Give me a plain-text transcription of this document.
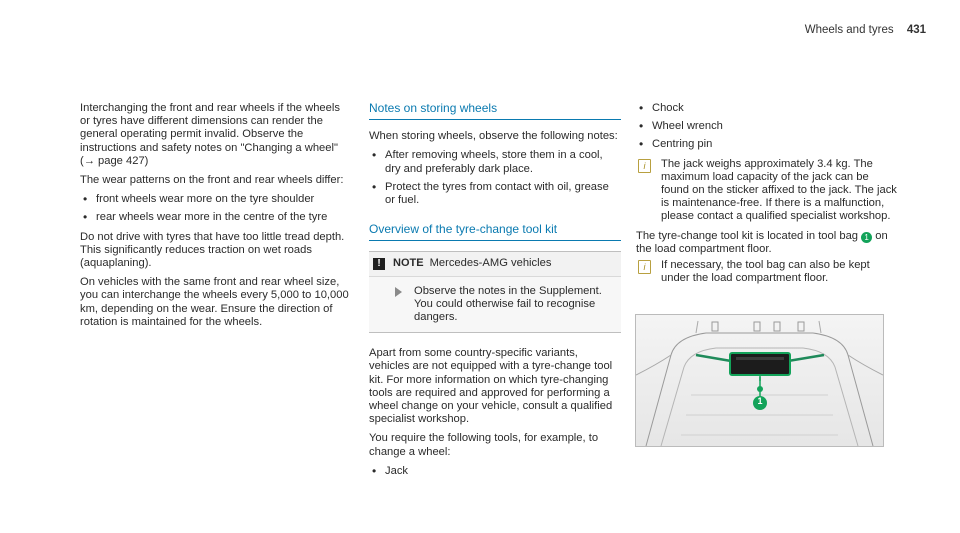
Wheels and tyres 431

Interchanging the front and rear wheels if the wheels or tyres have different dimensions can render the general operating permit invalid. Observe the instructions and safety notes on "Changing a wheel" (→ page 427)

The wear patterns on the front and rear wheels differ:

• front wheels wear more on the tyre shoulder
• rear wheels wear more in the centre of the tyre

Do not drive with tyres that have too little tread depth. This significantly reduces traction on wet roads (aquaplaning).

On vehicles with the same front and rear wheel size, you can interchange the wheels every 5,000 to 10,000 km, depending on the wear. Ensure the direction of rotation is maintained for the wheels.

Notes on storing wheels

When storing wheels, observe the following notes:

• After removing wheels, store them in a cool, dry and preferably dark place.
• Protect the tyres from contact with oil, grease or fuel.
Overview of the tyre-change tool kit
!	NOTE Mercedes-AMG vehicles
Observe the notes in the Supplement. You could otherwise fail to recognise dangers.

Apart from some country-specific variants, vehicles are not equipped with a tyre-change tool kit. For more information on which tyre-changing tools are required and approved for performing a wheel change on your vehicle, consult a qualified specialist workshop.

You require the following tools, for example, to change a wheel:

• Jack
• Chock
• Wheel wrench
• Centring pin
i	The jack weighs approximately 3.4 kg. The maximum load capacity of the jack can be found on the sticker affixed to the jack. The jack is maintenance-free. If there is a malfunction, please contact a qualified specialist workshop.

The tyre-change tool kit is located in tool bag 1 on the load compartment floor.

i	If necessary, the tool bag can also be kept under the load compartment floor.
1
